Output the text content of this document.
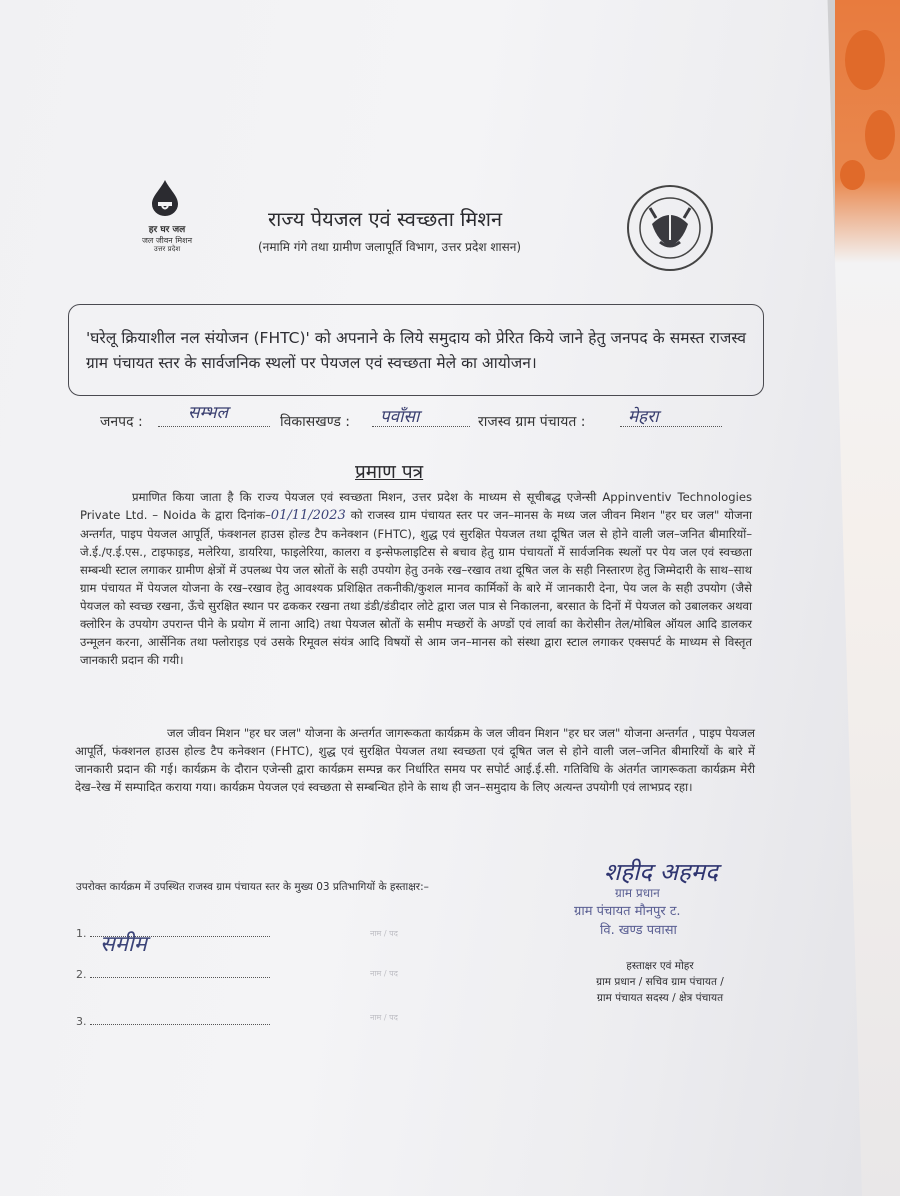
हर घर जल
जल जीवन मिशन
उत्तर प्रदेश
राज्य पेयजल एवं स्वच्छता मिशन
(नमामि गंगे तथा ग्रामीण जलापूर्ति विभाग, उत्तर प्रदेश शासन)
'घरेलू क्रियाशील नल संयोजन (FHTC)' को अपनाने के लिये समुदाय को प्रेरित किये जाने हेतु जनपद के समस्त राजस्व ग्राम पंचायत स्तर के सार्वजनिक स्थलों पर पेयजल एवं स्वच्छता मेले का आयोजन।
जनपद :	सम्भल	विकासखण्ड : पवाँसा	राजस्व ग्राम पंचायत :	मेहरा
प्रमाण पत्र
प्रमाणित किया जाता है कि राज्य पेयजल एवं स्वच्छता मिशन, उत्तर प्रदेश के माध्यम से सूचीबद्ध एजेन्सी Appinventiv Technologies Private Ltd. – Noida के द्वारा दिनांक–01/11/2023 को राजस्व ग्राम पंचायत स्तर पर जन–मानस के मध्य जल जीवन मिशन "हर घर जल" योजना अन्तर्गत, पाइप पेयजल आपूर्ति, फंक्शनल हाउस होल्ड टैप कनेक्शन (FHTC), शुद्ध एवं सुरक्षित पेयजल तथा दूषित जल से होने वाली जल–जनित बीमारियों–जे.ई./ए.ई.एस., टाइफाइड, मलेरिया, डायरिया, फाइलेरिया, कालरा व इन्सेफलाइटिस से बचाव हेतु ग्राम पंचायतों में सार्वजनिक स्थलों पर पेय जल एवं स्वच्छता सम्बन्धी स्टाल लगाकर ग्रामीण क्षेत्रों में उपलब्ध पेय जल स्रोतों के सही उपयोग हेतु उनके रख–रखाव तथा दूषित जल के सही निस्तारण हेतु जिम्मेदारी के साथ–साथ ग्राम पंचायत में पेयजल योजना के रख–रखाव हेतु आवश्यक प्रशिक्षित तकनीकी/कुशल मानव कार्मिकों के बारे में जानकारी देना, पेय जल के सही उपयोग (जैसे पेयजल को स्वच्छ रखना, ऊँचे सुरक्षित स्थान पर ढककर रखना तथा डंडी/डंडीदार लोटे द्वारा जल पात्र से निकालना, बरसात के दिनों में पेयजल को उबालकर अथवा क्लोरिन के उपयोग उपरान्त पीने के प्रयोग में लाना आदि) तथा पेयजल स्रोतों के समीप मच्छरों के अण्डों एवं लार्वा का केरोसीन तेल/मोबिल ऑयल आदि डालकर उन्मूलन करना, आर्सेनिक तथा फ्लोराइड एवं उसके रिमूवल संयंत्र आदि विषयों से आम जन–मानस को संस्था द्वारा स्टाल लगाकर एक्सपर्ट के माध्यम से विस्तृत जानकारी प्रदान की गयी।
जल जीवन मिशन "हर घर जल" योजना के अन्तर्गत जागरूकता कार्यक्रम के जल जीवन मिशन "हर घर जल" योजना अन्तर्गत , पाइप पेयजल आपूर्ति, फंक्शनल हाउस होल्ड टैप कनेक्शन (FHTC), शुद्ध एवं सुरक्षित पेयजल तथा स्वच्छता एवं दूषित जल से होने वाली जल–जनित बीमारियों के बारे में जानकारी प्रदान की गई। कार्यक्रम के दौरान एजेन्सी द्वारा कार्यक्रम सम्पन्न कर निर्धारित समय पर सपोर्ट आई.ई.सी. गतिविधि के अंतर्गत जागरूकता कार्यक्रम मेरी देख–रेख में सम्पादित कराया गया। कार्यक्रम पेयजल एवं स्वच्छता से सम्बन्धित होने के साथ ही जन–समुदाय के लिए अत्यन्त उपयोगी एवं लाभप्रद रहा।
उपरोक्त कार्यक्रम में उपस्थित राजस्व ग्राम पंचायत स्तर के मुख्य 03 प्रतिभागियों के हस्ताक्षर:–
1. समीम	नाम / पद
2.	नाम / पद
3.	नाम / पद
शहीद अहमद
ग्राम प्रधान
ग्राम पंचायत मौनपुर ट.
वि. खण्ड पवासा
हस्ताक्षर एवं मोहर
ग्राम प्रधान / सचिव ग्राम पंचायत /
ग्राम पंचायत सदस्य / क्षेत्र पंचायत
